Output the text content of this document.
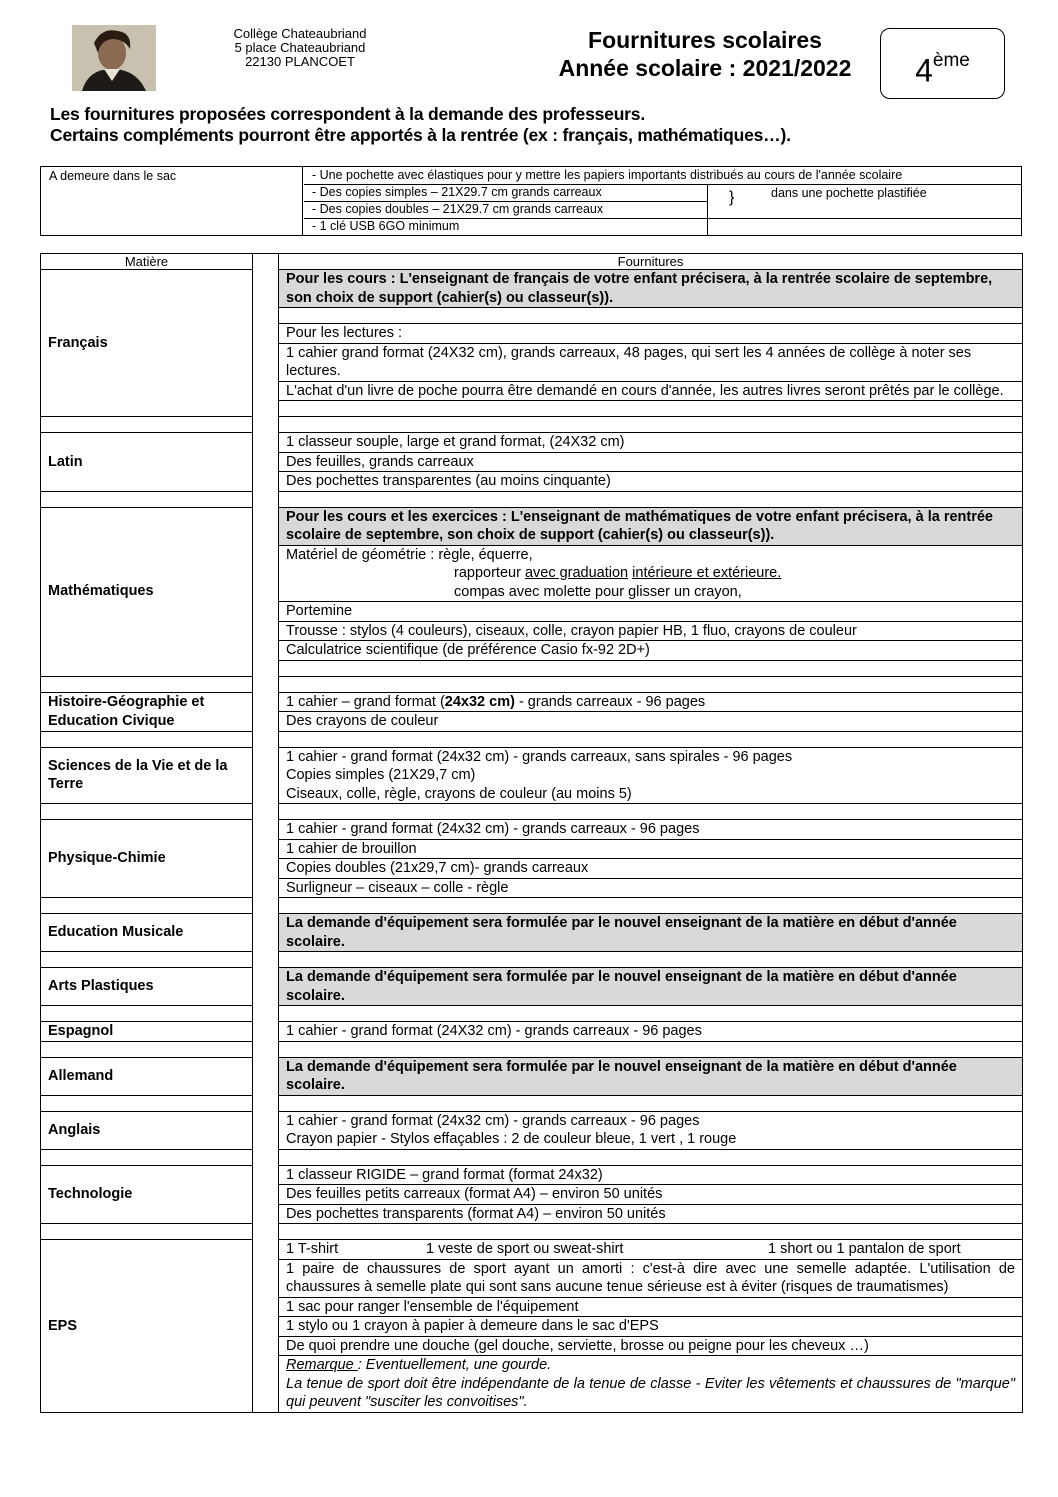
Collège Chateaubriand
5 place Chateaubriand
22130 PLANCOET
Fournitures scolaires
Année scolaire : 2021/2022	4ème
Les fournitures proposées correspondent à la demande des professeurs.
Certains compléments pourront être apportés à la rentrée (ex : français, mathématiques…).
A demeure dans le sac	- Une pochette avec élastiques pour y mettre les papiers importants distribués au cours de l'année scolaire
- Des copies simples – 21X29.7 cm grands carreaux
- Des copies doubles – 21X29.7 cm grands carreaux
- 1 clé USB 6GO minimum
}	dans une pochette plastifiée
Matière		Fournitures
Français		Pour les cours : L'enseignant de français de votre enfant précisera, à la rentrée scolaire de septembre, son choix de support (cahier(s) ou classeur(s)).

		Pour les lectures :
		1 cahier grand format (24X32 cm), grands carreaux, 48 pages, qui sert les 4 années de collège à noter ses lectures.
		L'achat d'un livre de poche pourra être demandé en cours d'année, les autres livres seront prêtés par le collège.

Latin		1 classeur souple, large et grand format, (24X32 cm)
		Des feuilles, grands carreaux
		Des pochettes transparentes (au moins cinquante)

Mathématiques		Pour les cours et les exercices : L'enseignant de mathématiques de votre enfant précisera, à la rentrée scolaire de septembre, son choix de support (cahier(s) ou classeur(s)).

		Matériel de géométrie : règle, équerre,
rapporteur avec graduation intérieure et extérieure.
compas avec molette pour glisser un crayon,

		Portemine
		Trousse : stylos (4 couleurs), ciseaux, colle, crayon papier HB, 1 fluo, crayons de couleur
		Calculatrice scientifique (de préférence Casio fx-92 2D+)

Histoire-Géographie et Education Civique		1 cahier – grand format (24x32 cm) - grands carreaux - 96 pages
		Des crayons de couleur

Sciences de la Vie et de la Terre		1 cahier - grand format (24x32 cm) - grands carreaux, sans spirales - 96 pages
		Copies simples (21X29,7 cm)
		Ciseaux, colle, règle, crayons de couleur (au moins 5)

Physique-Chimie		1 cahier - grand format (24x32 cm) - grands carreaux - 96 pages
		1 cahier de brouillon
		Copies doubles (21x29,7 cm)- grands carreaux
		Surligneur – ciseaux – colle - règle

Education Musicale		La demande d'équipement sera formulée par le nouvel enseignant de la matière en début d'année scolaire.

Arts Plastiques		La demande d'équipement sera formulée par le nouvel enseignant de la matière en début d'année scolaire.

Espagnol		1 cahier - grand format (24X32 cm) - grands carreaux - 96 pages

Allemand		La demande d'équipement sera formulée par le nouvel enseignant de la matière en début d'année scolaire.

Anglais		1 cahier - grand format (24x32 cm) - grands carreaux - 96 pages
		Crayon papier - Stylos effaçables : 2 de couleur bleue, 1 vert , 1 rouge

Technologie		1 classeur RIGIDE – grand format (format 24x32)
		Des feuilles petits carreaux (format A4) – environ 50 unités
		Des pochettes transparents (format A4) – environ 50 unités

EPS		1 T-shirt 1 veste de sport ou sweat-shirt 1 short ou 1 pantalon de sport
		1 paire de chaussures de sport ayant un amorti : c'est-à dire avec une semelle adaptée. L'utilisation de chaussures à semelle plate qui sont sans aucune tenue sérieuse est à éviter (risques de traumatismes)
		1 sac pour ranger l'ensemble de l'équipement
		1 stylo ou 1 crayon à papier à demeure dans le sac d'EPS
		De quoi prendre une douche (gel douche, serviette, brosse ou peigne pour les cheveux …)

		Remarque : Eventuellement, une gourde.
La tenue de sport doit être indépendante de la tenue de classe - Eviter les vêtements et chaussures de "marque" qui peuvent "susciter les convoitises".
